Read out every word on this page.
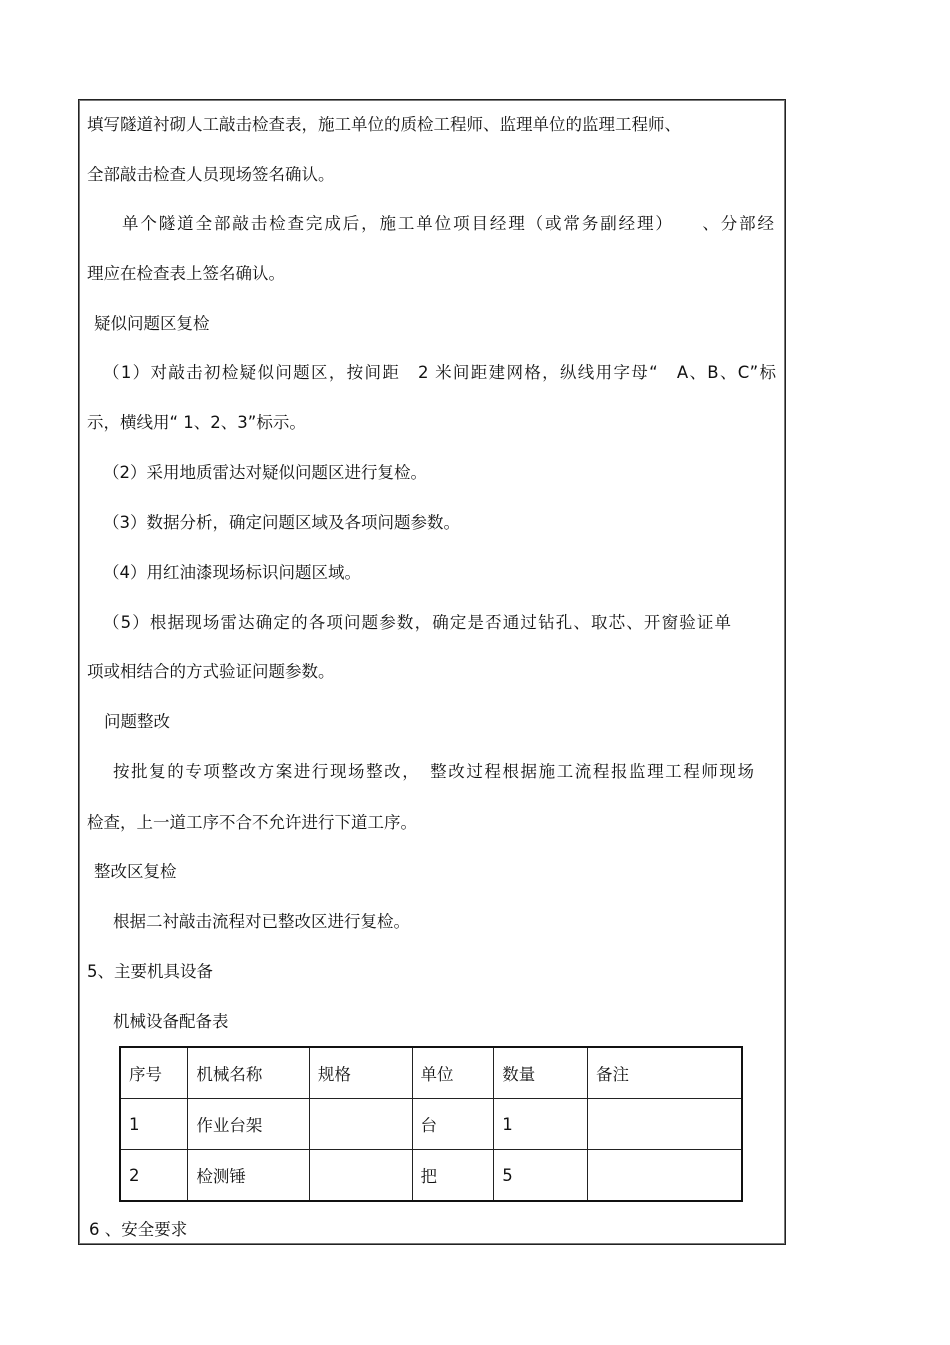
填写隧道衬砌人工敲击检查表，施工单位的质检工程师、监理单位的监理工程师、
全部敲击检查人员现场签名确认。
单个隧道全部敲击检查完成后，施工单位项目经理（或常务副经理）　　、分部经
理应在检查表上签名确认。
疑似问题区复检
（1）对敲击初检疑似问题区，按间距　2 米间距建网格，纵线用字母“　A、B、C”标
示，横线用“ 1、2、3”标示。
（2）采用地质雷达对疑似问题区进行复检。
（3）数据分析，确定问题区域及各项问题参数。
（4）用红油漆现场标识问题区域。
（5）根据现场雷达确定的各项问题参数，确定是否通过钻孔、取芯、开窗验证单
项或相结合的方式验证问题参数。
问题整改
按批复的专项整改方案进行现场整改，　整改过程根据施工流程报监理工程师现场
检查，上一道工序不合不允许进行下道工序。
整改区复检
根据二衬敲击流程对已整改区进行复检。
5、主要机具设备
机械设备配备表
序号	机械名称	规格	单位	数量	备注
1	作业台架		台	1	
2	检测锤		把	5	
6 、安全要求
